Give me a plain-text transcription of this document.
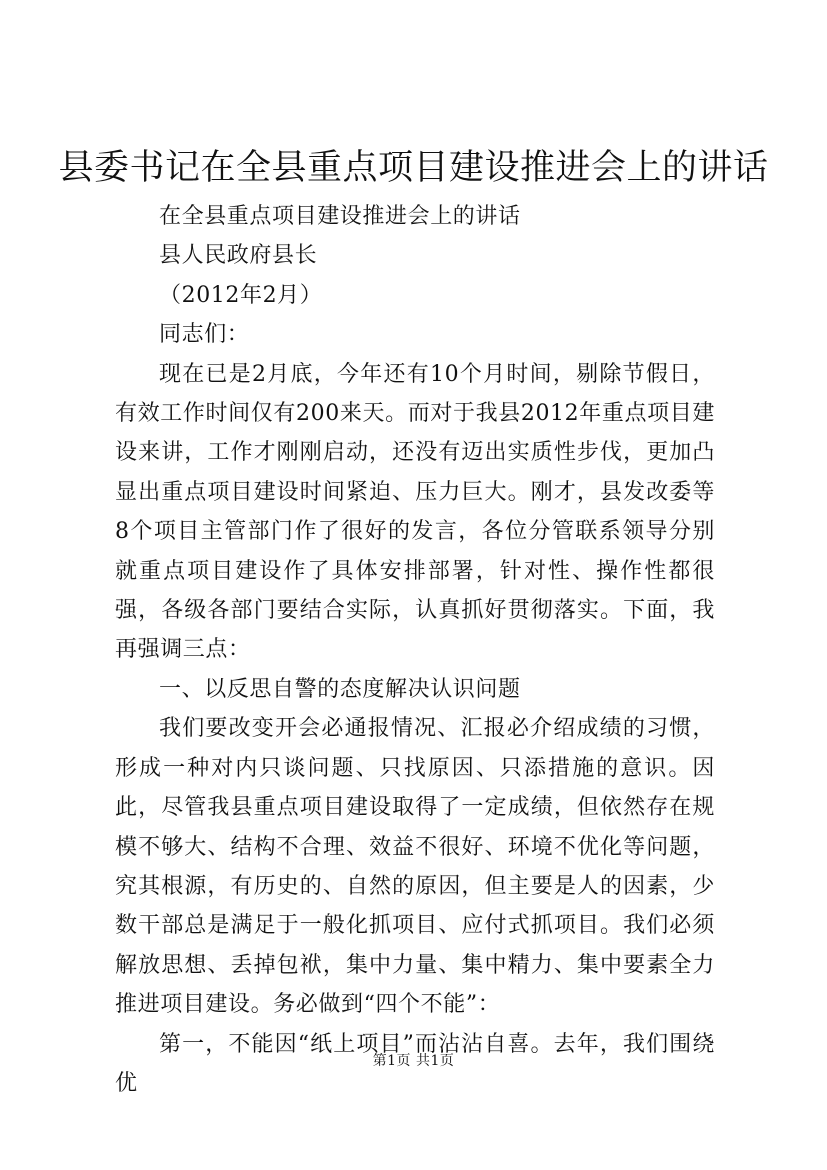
县委书记在全县重点项目建设推进会上的讲话

在全县重点项目建设推进会上的讲话

县人民政府县长

（2012年2月）

同志们：

现在已是2月底，今年还有10个月时间，剔除节假日，有效工作时间仅有200来天。而对于我县2012年重点项目建设来讲，工作才刚刚启动，还没有迈出实质性步伐，更加凸显出重点项目建设时间紧迫、压力巨大。刚才，县发改委等8个项目主管部门作了很好的发言，各位分管联系领导分别就重点项目建设作了具体安排部署，针对性、操作性都很强，各级各部门要结合实际，认真抓好贯彻落实。下面，我再强调三点：

一、以反思自警的态度解决认识问题

我们要改变开会必通报情况、汇报必介绍成绩的习惯，形成一种对内只谈问题、只找原因、只添措施的意识。因此，尽管我县重点项目建设取得了一定成绩，但依然存在规模不够大、结构不合理、效益不很好、环境不优化等问题，究其根源，有历史的、自然的原因，但主要是人的因素，少数干部总是满足于一般化抓项目、应付式抓项目。我们必须解放思想、丢掉包袱，集中力量、集中精力、集中要素全力推进项目建设。务必做到“四个不能”：

第一，不能因“纸上项目”而沾沾自喜。去年，我们围绕优

第1页 共1页
